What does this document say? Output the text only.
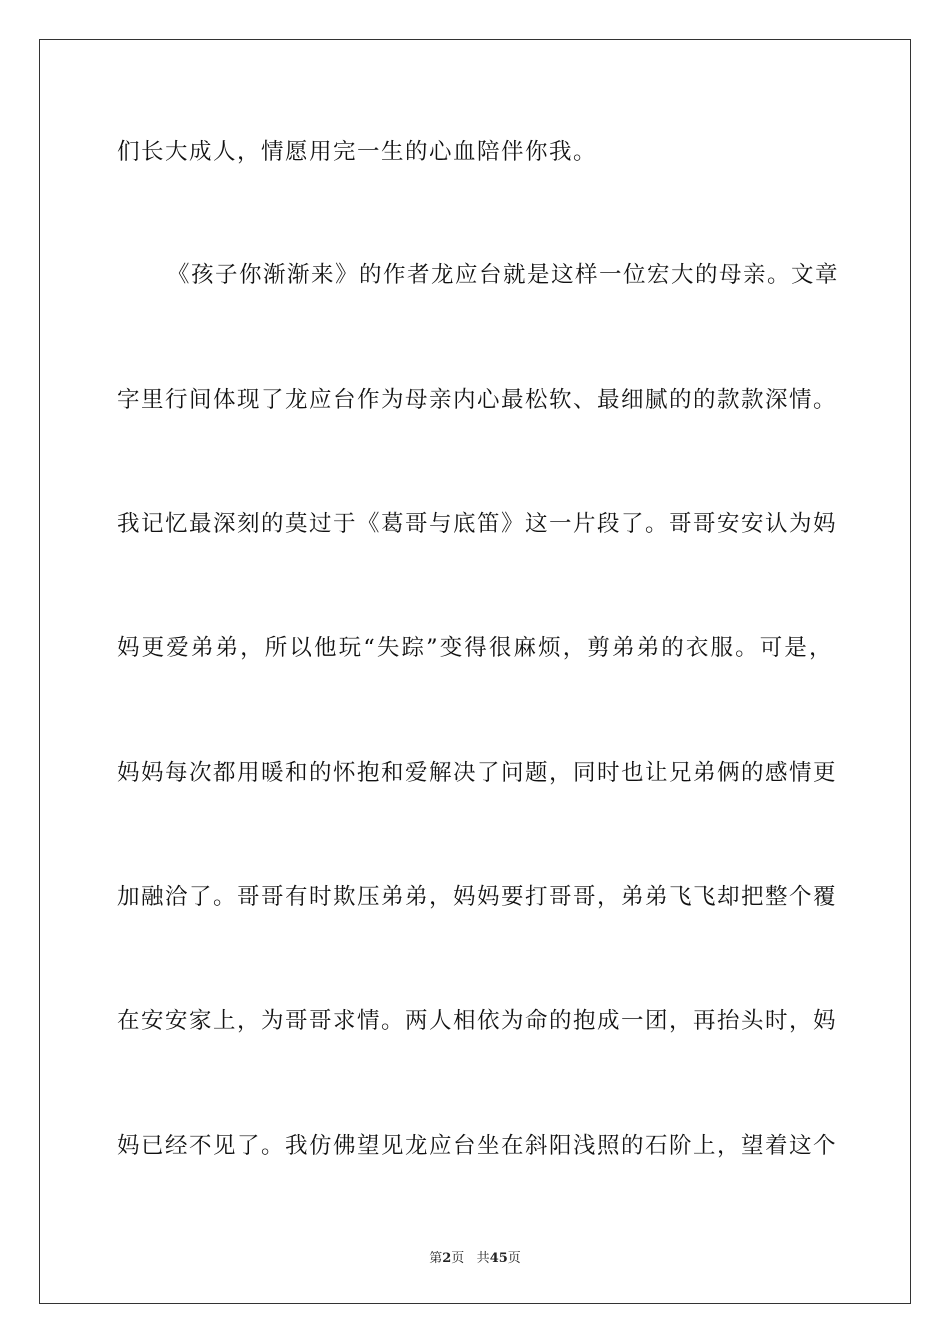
们长大成人，情愿用完一生的心血陪伴你我。
《孩子你渐渐来》的作者龙应台就是这样一位宏大的母亲。文章
字里行间体现了龙应台作为母亲内心最松软、最细腻的的款款深情。
我记忆最深刻的莫过于《葛哥与底笛》这一片段了。哥哥安安认为妈
妈更爱弟弟，所以他玩“失踪”变得很麻烦，剪弟弟的衣服。可是，
妈妈每次都用暖和的怀抱和爱解决了问题，同时也让兄弟俩的感情更
加融洽了。哥哥有时欺压弟弟，妈妈要打哥哥，弟弟飞飞却把整个覆
在安安家上，为哥哥求情。两人相依为命的抱成一团，再抬头时，妈
妈已经不见了。我仿佛望见龙应台坐在斜阳浅照的石阶上，望着这个
第2页 共45页
